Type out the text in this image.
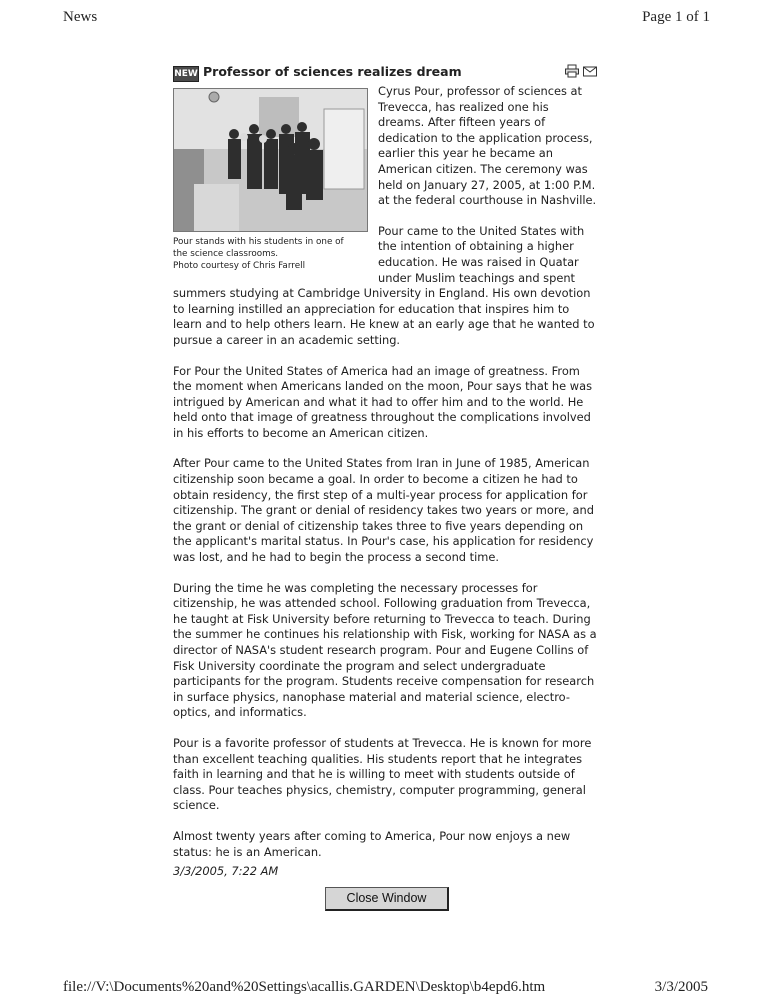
News	Page 1 of 1
NEW Professor of sciences realizes dream
Pour stands with his students in one of
the science classrooms.
Photo courtesy of Chris Farrell

Cyrus Pour, professor of sciences at Trevecca, has realized one his dreams. After fifteen years of dedication to the application process, earlier this year he became an American citizen. The ceremony was held on January 27, 2005, at 1:00 P.M. at the federal courthouse in Nashville.

Pour came to the United States with the intention of obtaining a higher education. He was raised in Quatar under Muslim teachings and spent summers studying at Cambridge University in England. His own devotion to learning instilled an appreciation for education that inspires him to learn and to help others learn. He knew at an early age that he wanted to pursue a career in an academic setting.

For Pour the United States of America had an image of greatness. From the moment when Americans landed on the moon, Pour says that he was intrigued by American and what it had to offer him and to the world. He held onto that image of greatness throughout the complications involved in his efforts to become an American citizen.

After Pour came to the United States from Iran in June of 1985, American citizenship soon became a goal. In order to become a citizen he had to obtain residency, the first step of a multi-year process for application for citizenship. The grant or denial of residency takes two years or more, and the grant or denial of citizenship takes three to five years depending on the applicant's marital status. In Pour's case, his application for residency was lost, and he had to begin the process a second time.

During the time he was completing the necessary processes for citizenship, he was attended school. Following graduation from Trevecca, he taught at Fisk University before returning to Trevecca to teach. During the summer he continues his relationship with Fisk, working for NASA as a director of NASA's student research program. Pour and Eugene Collins of Fisk University coordinate the program and select undergraduate participants for the program. Students receive compensation for research in surface physics, nanophase material and material science, electro-optics, and informatics.

Pour is a favorite professor of students at Trevecca. He is known for more than excellent teaching qualities. His students report that he integrates faith in learning and that he is willing to meet with students outside of class. Pour teaches physics, chemistry, computer programming, general science.

Almost twenty years after coming to America, Pour now enjoys a new status: he is an American.

3/3/2005, 7:22 AM
Close Window
file://V:\Documents%20and%20Settings\acallis.GARDEN\Desktop\b4epd6.htm	3/3/2005
